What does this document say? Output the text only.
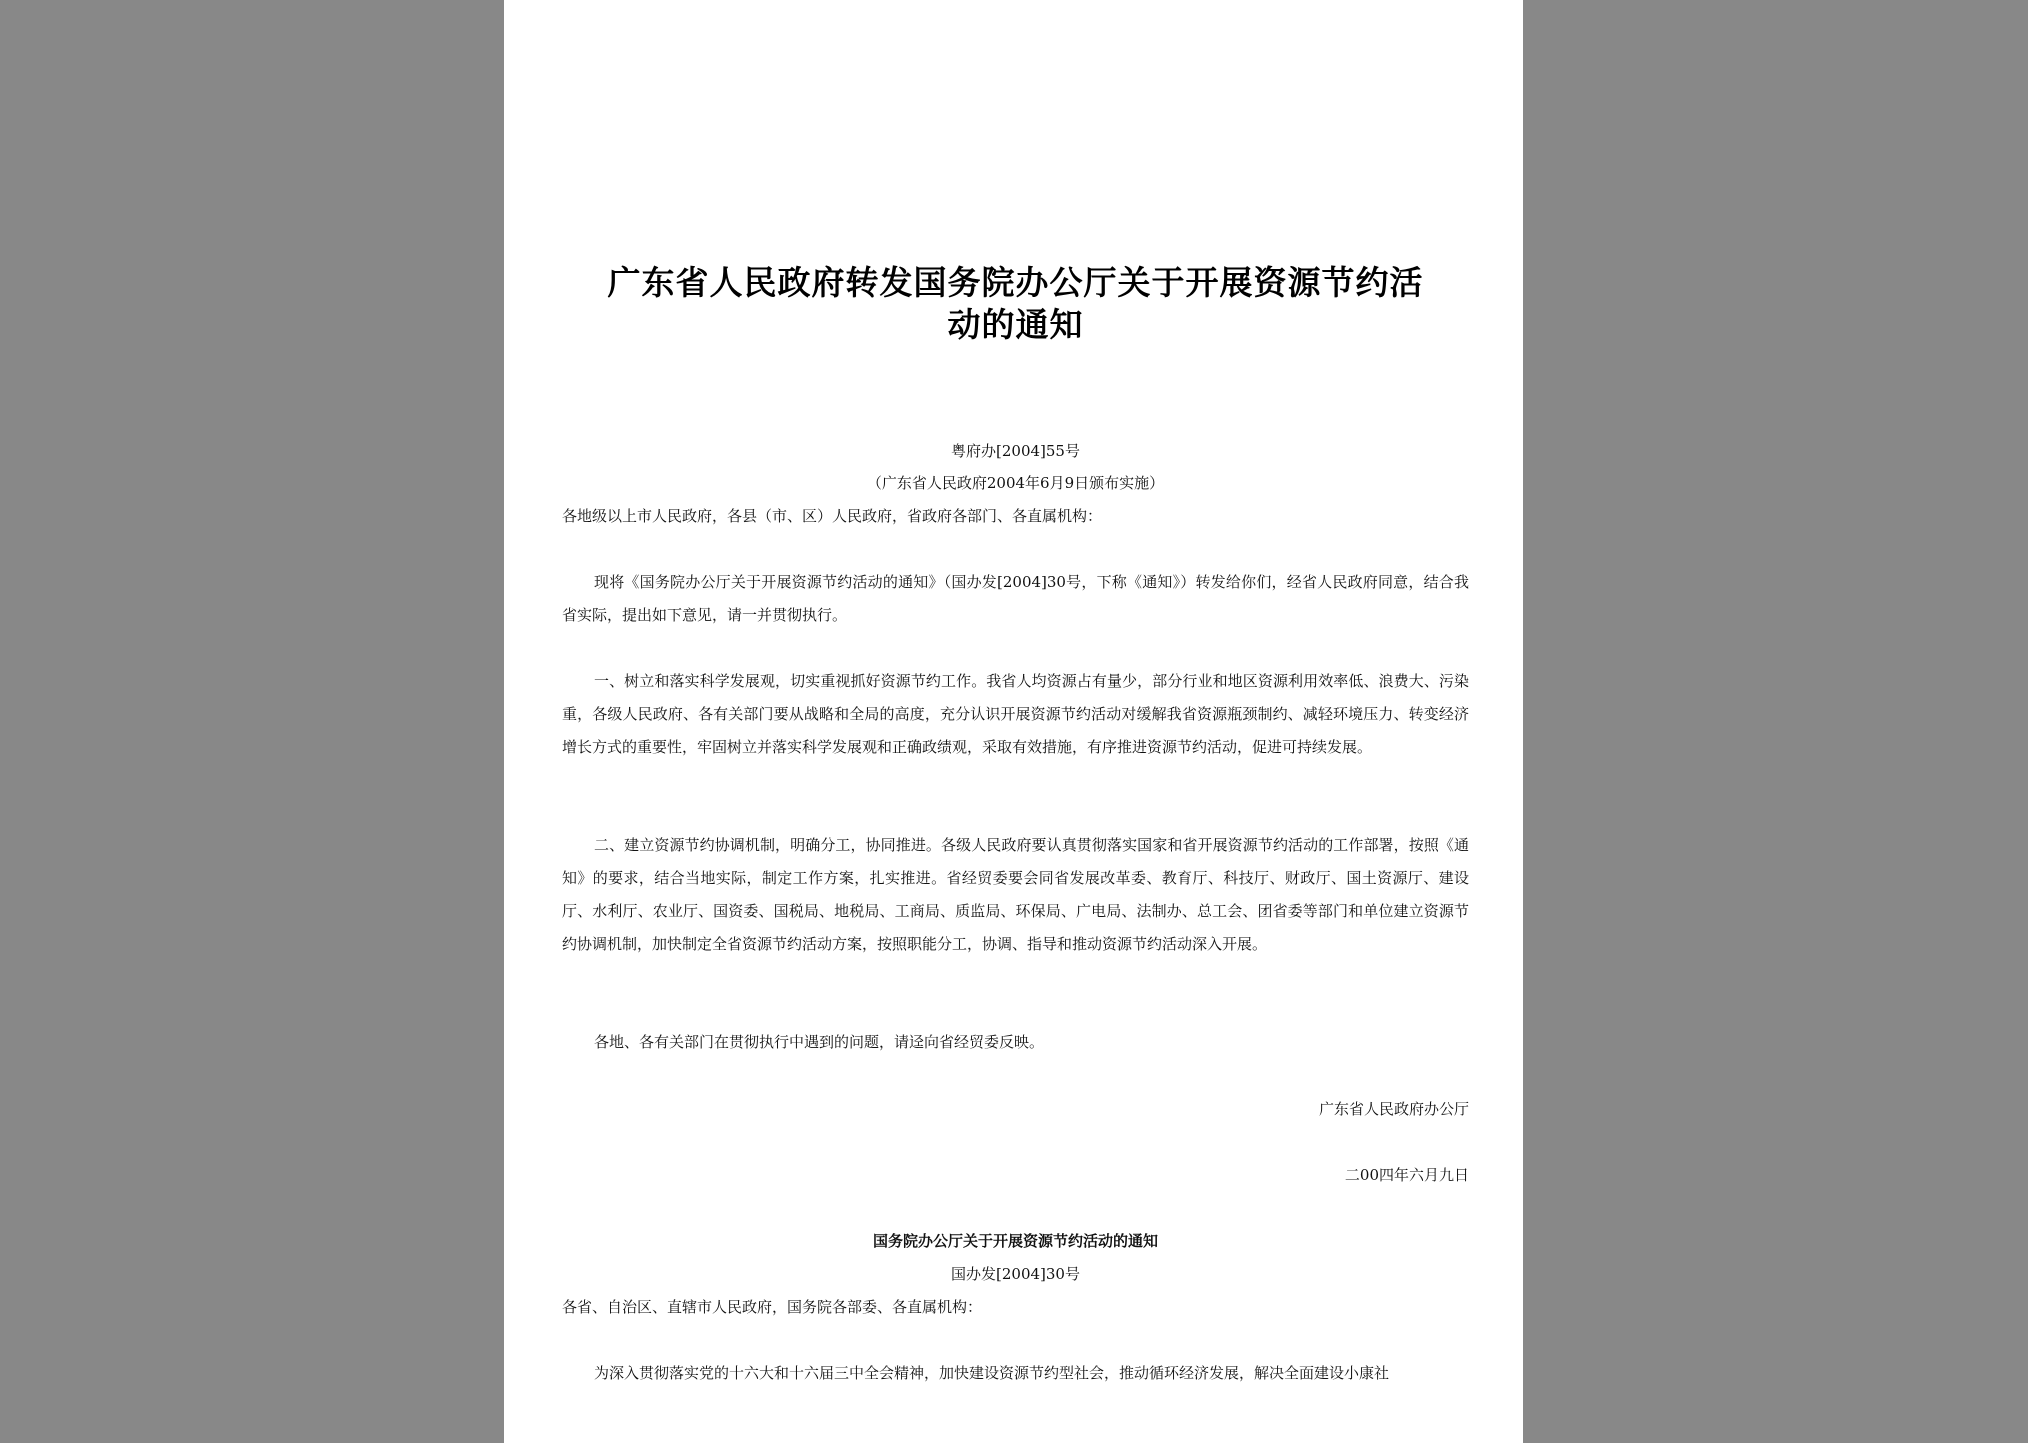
广东省人民政府转发国务院办公厅关于开展资源节约活
动的通知
粤府办[2004]55号
（广东省人民政府2004年6月9日颁布实施）
各地级以上市人民政府，各县（市、区）人民政府，省政府各部门、各直属机构：
现将《国务院办公厅关于开展资源节约活动的通知》（国办发[2004]30号，下称《通知》）转发给你们，经省人民政府同意，结合我省实际，提出如下意见，请一并贯彻执行。
一、树立和落实科学发展观，切实重视抓好资源节约工作。我省人均资源占有量少，部分行业和地区资源利用效率低、浪费大、污染重，各级人民政府、各有关部门要从战略和全局的高度，充分认识开展资源节约活动对缓解我省资源瓶颈制约、减轻环境压力、转变经济增长方式的重要性，牢固树立并落实科学发展观和正确政绩观，采取有效措施，有序推进资源节约活动，促进可持续发展。
二、建立资源节约协调机制，明确分工，协同推进。各级人民政府要认真贯彻落实国家和省开展资源节约活动的工作部署，按照《通知》的要求，结合当地实际，制定工作方案，扎实推进。省经贸委要会同省发展改革委、教育厅、科技厅、财政厅、国土资源厅、建设厅、水利厅、农业厅、国资委、国税局、地税局、工商局、质监局、环保局、广电局、法制办、总工会、团省委等部门和单位建立资源节约协调机制，加快制定全省资源节约活动方案，按照职能分工，协调、指导和推动资源节约活动深入开展。
各地、各有关部门在贯彻执行中遇到的问题，请迳向省经贸委反映。
广东省人民政府办公厅
二00四年六月九日
国务院办公厅关于开展资源节约活动的通知
国办发[2004]30号
各省、自治区、直辖市人民政府，国务院各部委、各直属机构：
为深入贯彻落实党的十六大和十六届三中全会精神，加快建设资源节约型社会，推动循环经济发展，解决全面建设小康社
